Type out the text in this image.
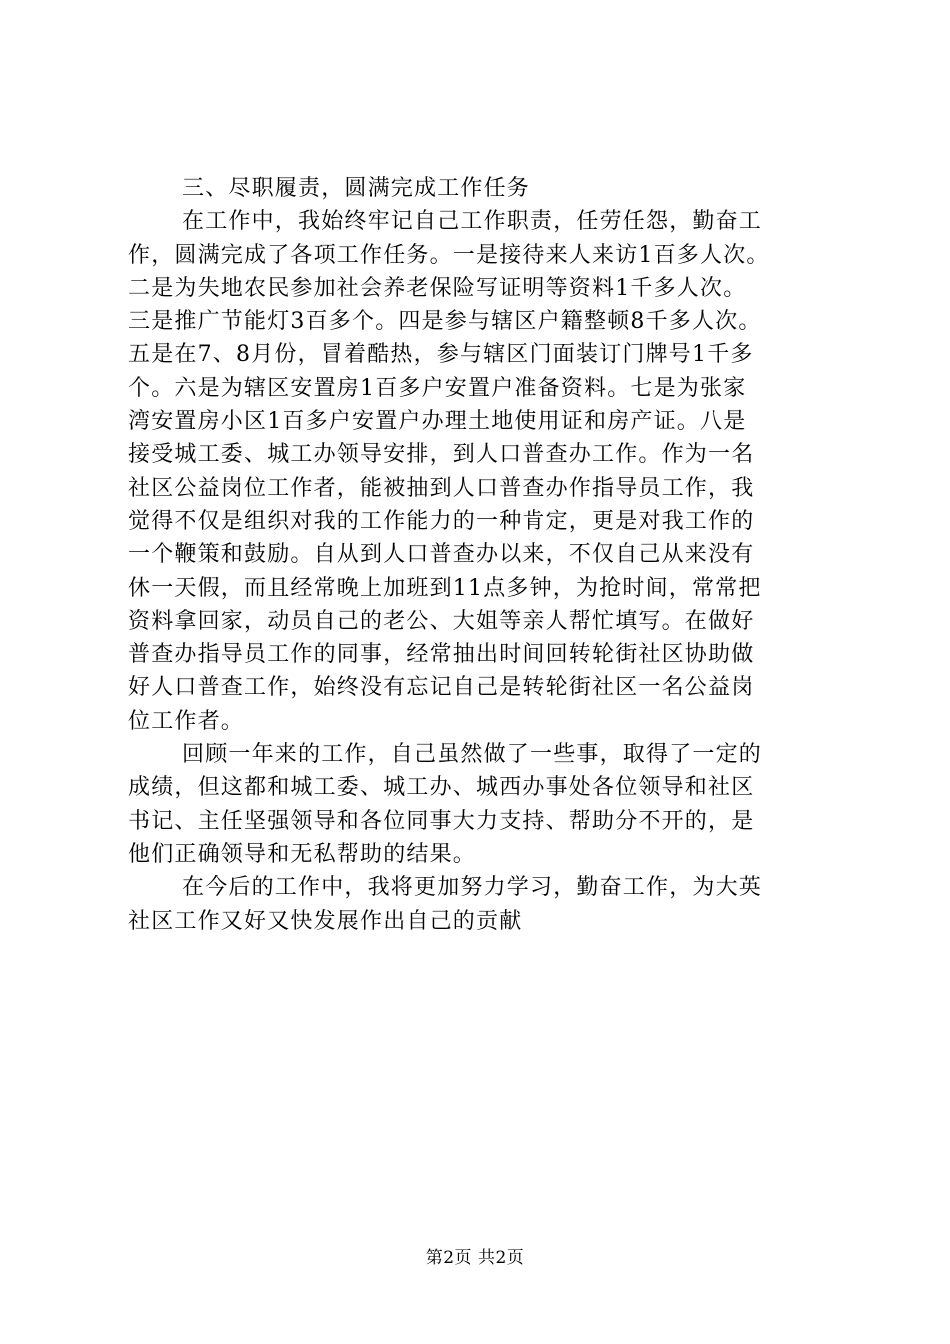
三、尽职履责，圆满完成工作任务
在工作中，我始终牢记自己工作职责，任劳任怨，勤奋工
作，圆满完成了各项工作任务。一是接待来人来访1百多人次。
二是为失地农民参加社会养老保险写证明等资料1千多人次。
三是推广节能灯3百多个。四是参与辖区户籍整顿8千多人次。
五是在7、8月份，冒着酷热，参与辖区门面装订门牌号1千多
个。六是为辖区安置房1百多户安置户准备资料。七是为张家
湾安置房小区1百多户安置户办理土地使用证和房产证。八是
接受城工委、城工办领导安排，到人口普查办工作。作为一名
社区公益岗位工作者，能被抽到人口普查办作指导员工作，我
觉得不仅是组织对我的工作能力的一种肯定，更是对我工作的
一个鞭策和鼓励。自从到人口普查办以来，不仅自己从来没有
休一天假，而且经常晚上加班到11点多钟，为抢时间，常常把
资料拿回家，动员自己的老公、大姐等亲人帮忙填写。在做好
普查办指导员工作的同事，经常抽出时间回转轮街社区协助做
好人口普查工作，始终没有忘记自己是转轮街社区一名公益岗
位工作者。
回顾一年来的工作，自己虽然做了一些事，取得了一定的
成绩，但这都和城工委、城工办、城西办事处各位领导和社区
书记、主任坚强领导和各位同事大力支持、帮助分不开的，是
他们正确领导和无私帮助的结果。
在今后的工作中，我将更加努力学习，勤奋工作，为大英
社区工作又好又快发展作出自己的贡献
第2页 共2页
